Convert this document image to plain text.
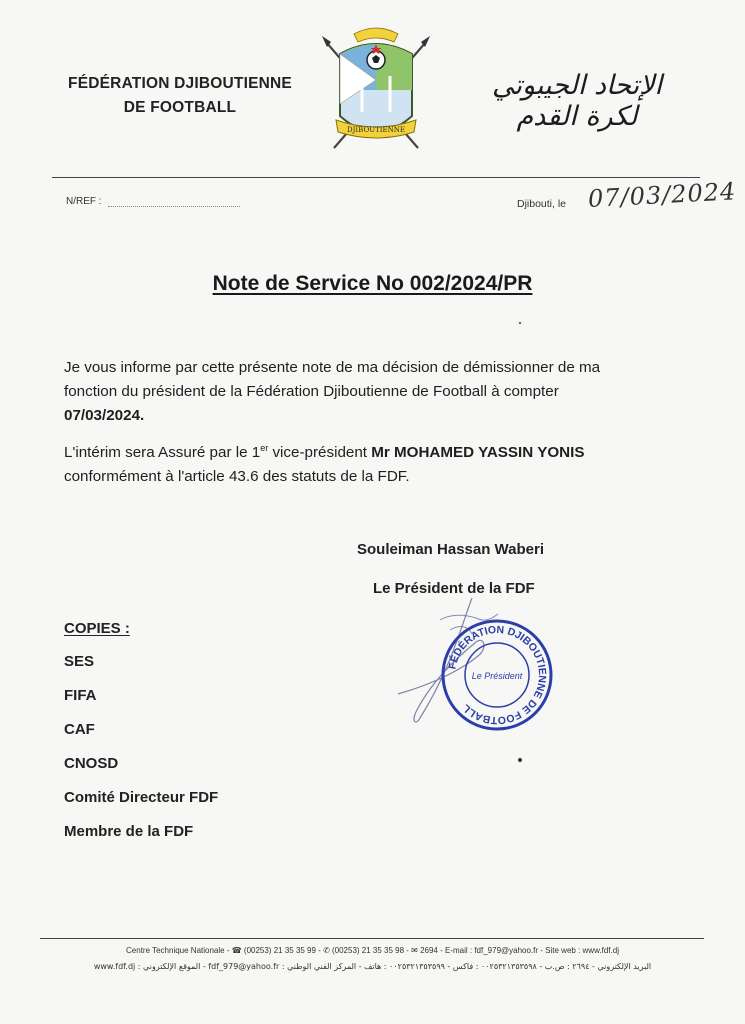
FÉDÉRATION DJIBOUTIENNE
DE FOOTBALL
DJIBOUTIENNE
الإتحاد الجيبوتي لكرة القدم
N/REF :	Djibouti, le 07/03/2024
Note de Service No 002/2024/PR
Je vous informe par cette présente note de ma décision de démissionner de ma fonction du président de la Fédération Djiboutienne de Football à compter 07/03/2024.
L'intérim sera Assuré par le 1er vice-président Mr MOHAMED YASSIN YONIS
conformément à l'article 43.6 des statuts de la FDF.
Souleiman Hassan Waberi
Le Président de la FDF
FÉDÉRATION DJIBOUTIENNE DE FOOTBALL
Le Président
COPIES :
SES
FIFA
CAF
CNOSD
Comité Directeur FDF
Membre de la FDF
Centre Technique Nationale - ☎ (00253) 21 35 35 99 - ✆ (00253) 21 35 35 98 - ✉ 2694 - E-mail : fdf_979@yahoo.fr - Site web : www.fdf.dj
www.fdf.dj : الموقع الإلكتروني - fdf_979@yahoo.fr : البريد الإلكتروني - ٢٦٩٤ : ص.ب - ٠٠٢٥٣٢١٣٥٣٥٩٨ : فاكس - ٠٠٢٥٣٢١٣٥٣٥٩٩ : هاتف - المركز الفني الوطني
